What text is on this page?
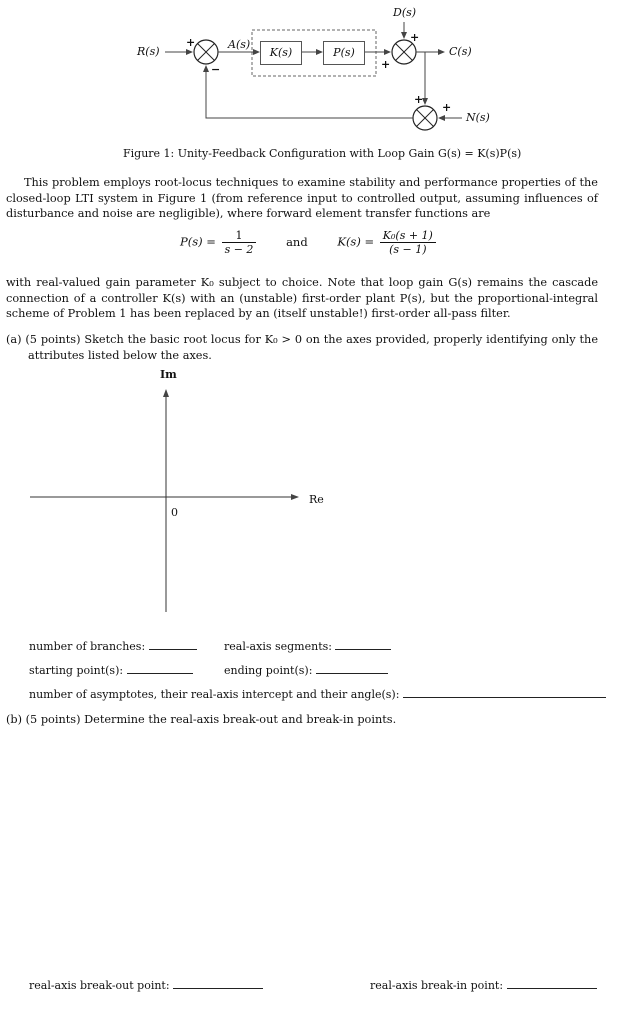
K(s)	P(s)
R(s)
A(s)
D(s)
C(s)
N(s)
+
−
+
+
+
+
Figure 1: Unity-Feedback Configuration with Loop Gain G(s) = K(s)P(s)
This problem employs root-locus techniques to examine stability and performance properties of the closed-loop LTI system in Figure 1 (from reference input to controlled output, assuming influences of disturbance and noise are negligible), where forward element transfer functions are
$P(s) = \frac{1}{s - 2}$	and	$K(s) = \frac{\text{K₀(s + 1)}}{(s - 1)}$
with real-valued gain parameter K₀ subject to choice. Note that loop gain G(s) remains the cascade connection of a controller K(s) with an (unstable) first-order plant P(s), but the proportional-integral scheme of Problem 1 has been replaced by an (itself unstable!) first-order all-pass filter.
(a) (5 points) Sketch the basic root locus for K₀ > 0 on the axes provided, properly identifying only the attributes listed below the axes.
Im
Re
0
number of branches:	real-axis segments:
starting point(s):	ending point(s):
number of asymptotes, their real-axis intercept and their angle(s):
(b) (5 points) Determine the real-axis break-out and break-in points.
real-axis break-out point:	real-axis break-in point:
